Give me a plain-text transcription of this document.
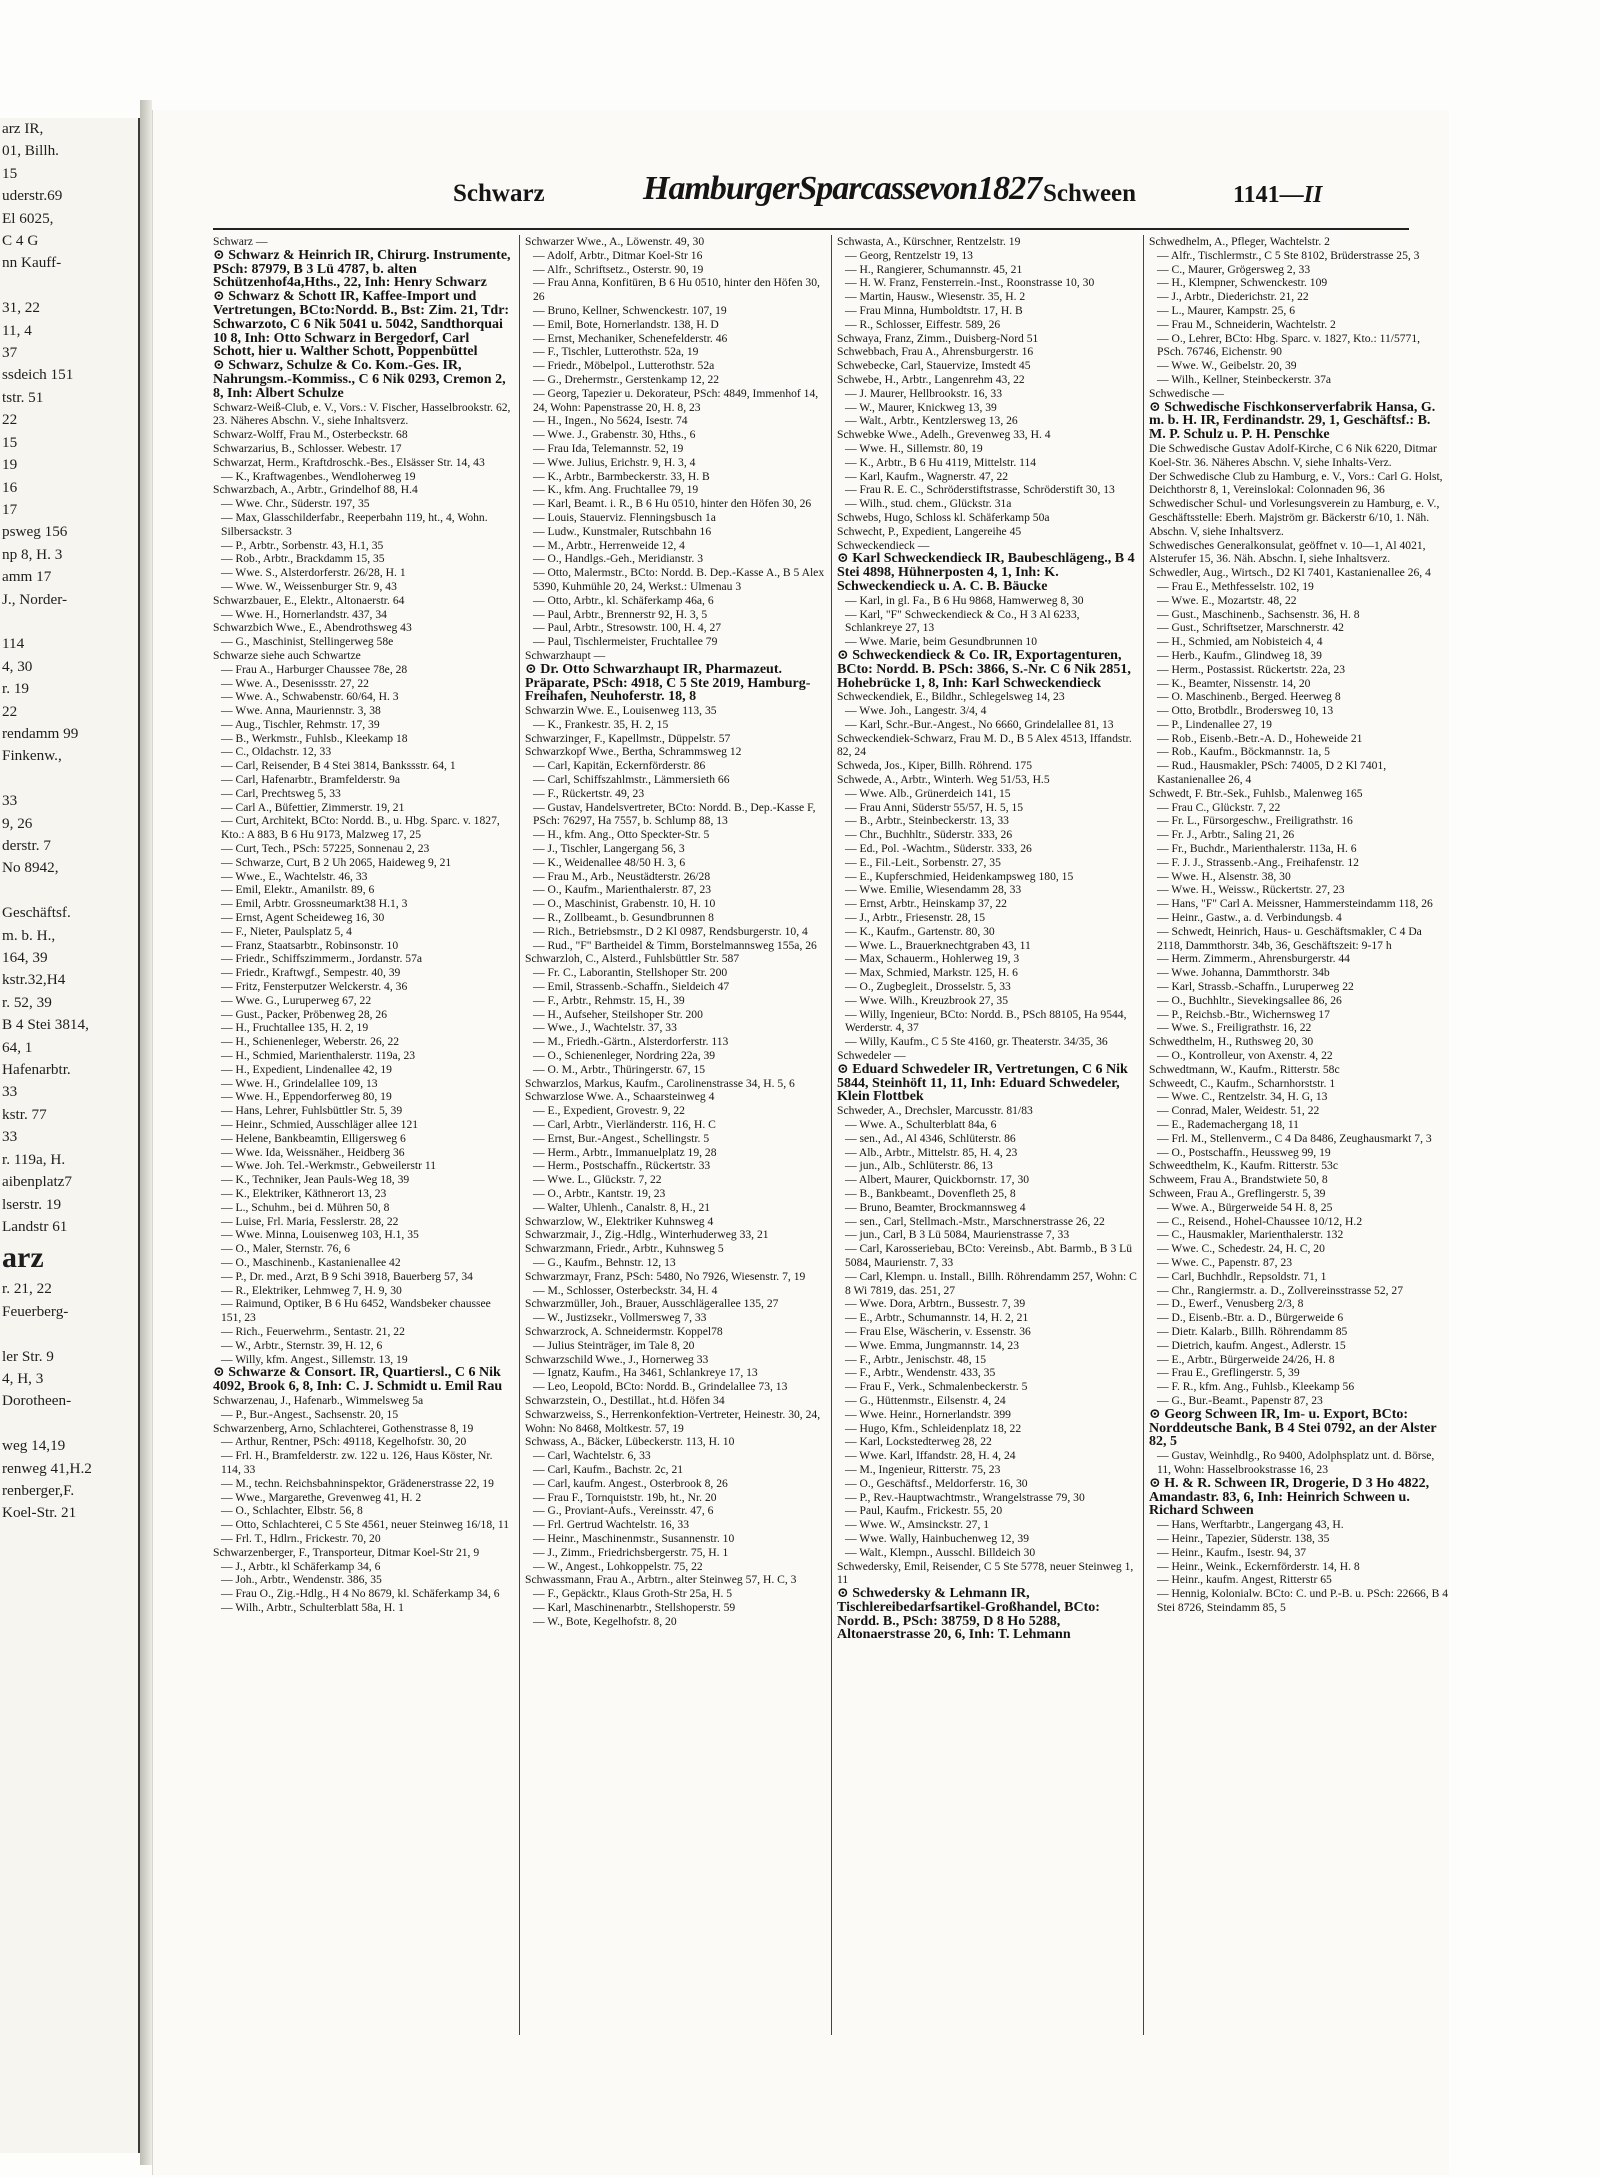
arz IR,
01, Billh.
15
uderstr.69
El 6025,
C 4 G
nn Kauff-

31, 22
11, 4
37
ssdeich 151
tstr. 51
22
15
19
16
17
psweg 156
np 8, H. 3
amm 17
J., Norder-

114
4, 30
r. 19
22
rendamm 99
Finkenw.,

33
9, 26
derstr. 7
No 8942,

Geschäftsf.
m. b. H.,
164, 39
kstr.32,H4
r. 52, 39
B 4 Stei 3814,
64, 1
Hafenarbtr.
33
kstr. 77
33
r. 119a, H.
aibenplatz7
lserstr. 19
Landstr 61
arz
r. 21, 22
Feuerberg-

ler Str. 9
4, H, 3
Dorotheen-

weg 14,19
renweg 41,H.2
renberger,F.
Koel-Str. 21
Schwarz	HamburgerSparcassevon1827 Schween	1141—II

Schwarz —

⊙ Schwarz & Heinrich IR, Chirurg. Instrumente, PSch: 87979, B 3 Lü 4787, b. alten Schützenhof4a,Hths., 22, Inh: Henry Schwarz

⊙ Schwarz & Schott IR, Kaffee-Import und Vertretungen, BCto:Nordd. B., Bst: Zim. 21, Tdr: Schwarzoto, C 6 Nik 5041 u. 5042, Sandthorquai 10 8, Inh: Otto Schwarz in Bergedorf, Carl Schott, hier u. Walther Schott, Poppenbüttel

⊙ Schwarz, Schulze & Co. Kom.-Ges. IR, Nahrungsm.-Kommiss., C 6 Nik 0293, Cremon 2, 8, Inh: Albert Schulze

Schwarz-Weiß-Club, e. V., Vors.: V. Fischer, Hasselbrookstr. 62, 23. Näheres Abschn. V., siehe Inhaltsverz.

Schwarz-Wolff, Frau M., Osterbeckstr. 68

Schwarzarius, B., Schlosser. Webestr. 17

Schwarzat, Herm., Kraftdroschk.-Bes., Elsässer Str. 14, 43

— K., Kraftwagenbes., Wendloherweg 19

Schwarzbach, A., Arbtr., Grindelhof 88, H.4

— Wwe. Chr., Süderstr. 197, 35

— Max, Glasschilderfabr., Reeperbahn 119, ht., 4, Wohn. Silbersackstr. 3

— P., Arbtr., Sorbenstr. 43, H.1, 35

— Rob., Arbtr., Brackdamm 15, 35

— Wwe. S., Alsterdorferstr. 26/28, H. 1

— Wwe. W., Weissenburger Str. 9, 43

Schwarzbauer, E., Elektr., Altonaerstr. 64

— Wwe. H., Hornerlandstr. 437, 34

Schwarzbich Wwe., E., Abendrothsweg 43

— G., Maschinist, Stellingerweg 58e

Schwarze siehe auch Schwartze

— Frau A., Harburger Chaussee 78e, 28

— Wwe. A., Desenissstr. 27, 22

— Wwe. A., Schwabenstr. 60/64, H. 3

— Wwe. Anna, Mauriennstr. 3, 38

— Aug., Tischler, Rehmstr. 17, 39

— B., Werkmstr., Fuhlsb., Kleekamp 18

— C., Oldachstr. 12, 33

— Carl, Reisender, B 4 Stei 3814, Bankssstr. 64, 1

— Carl, Hafenarbtr., Bramfelderstr. 9a

— Carl, Prechtsweg 5, 33

— Carl A., Büfettier, Zimmerstr. 19, 21

— Curt, Architekt, BCto: Nordd. B., u. Hbg. Sparc. v. 1827, Kto.: A 883, B 6 Hu 9173, Malzweg 17, 25

— Curt, Tech., PSch: 57225, Sonnenau 2, 23

— Schwarze, Curt, B 2 Uh 2065, Haideweg 9, 21

— Wwe., E., Wachtelstr. 46, 33

— Emil, Elektr., Amanilstr. 89, 6

— Emil, Arbtr. Grossneumarkt38 H.1, 3

— Ernst, Agent Scheideweg 16, 30

— F., Nieter, Paulsplatz 5, 4

— Franz, Staatsarbtr., Robinsonstr. 10

— Friedr., Schiffszimmerm., Jordanstr. 57a

— Friedr., Kraftwgf., Sempestr. 40, 39

— Fritz, Fensterputzer Welckerstr. 4, 36

— Wwe. G., Luruperweg 67, 22

— Gust., Packer, Pröbenweg 28, 26

— H., Fruchtallee 135, H. 2, 19

— H., Schienenleger, Weberstr. 26, 22

— H., Schmied, Marienthalerstr. 119a, 23

— H., Expedient, Lindenallee 42, 19

— Wwe. H., Grindelallee 109, 13

— Wwe. H., Eppendorferweg 80, 19

— Hans, Lehrer, Fuhlsbüttler Str. 5, 39

— Heinr., Schmied, Ausschläger allee 121

— Helene, Bankbeamtin, Elligersweg 6

— Wwe. Ida, Weissnäher., Heidberg 36

— Wwe. Joh. Tel.-Werkmstr., Gebweilerstr 11

— K., Techniker, Jean Pauls-Weg 18, 39

— K., Elektriker, Käthnerort 13, 23

— L., Schuhm., bei d. Mühren 50, 8

— Luise, Frl. Maria, Fesslerstr. 28, 22

— Wwe. Minna, Louisenweg 103, H.1, 35

— O., Maler, Sternstr. 76, 6

— O., Maschinenb., Kastanienallee 42

— P., Dr. med., Arzt, B 9 Schi 3918, Bauerberg 57, 34

— R., Elektriker, Lehmweg 7, H. 9, 30

— Raimund, Optiker, B 6 Hu 6452, Wandsbeker chaussee 151, 23

— Rich., Feuerwehrm., Sentastr. 21, 22

— W., Arbtr., Sternstr. 39, H. 12, 6

— Willy, kfm. Angest., Sillemstr. 13, 19

⊙ Schwarze & Consort. IR, Quartiersl., C 6 Nik 4092, Brook 6, 8, Inh: C. J. Schmidt u. Emil Rau

Schwarzenau, J., Hafenarb., Wimmelsweg 5a

— P., Bur.-Angest., Sachsenstr. 20, 15

Schwarzenberg, Arno, Schlachterei, Gothenstrasse 8, 19

— Arthur, Rentner, PSch: 49118, Kegelhofstr. 30, 20

— Frl. H., Bramfelderstr. zw. 122 u. 126, Haus Köster, Nr. 114, 33

— M., techn. Reichsbahninspektor, Grädenerstrasse 22, 19

— Wwe., Margarethe, Grevenweg 41, H. 2

— O., Schlachter, Elbstr. 56, 8

— Otto, Schlachterei, C 5 Ste 4561, neuer Steinweg 16/18, 11

— Frl. T., Hdlrn., Frickestr. 70, 20

Schwarzenberger, F., Transporteur, Ditmar Koel-Str 21, 9

— J., Arbtr., kl Schäferkamp 34, 6

— Joh., Arbtr., Wendenstr. 386, 35

— Frau O., Zig.-Hdlg., H 4 No 8679, kl. Schäferkamp 34, 6

— Wilh., Arbtr., Schulterblatt 58a, H. 1

Schwarzer Wwe., A., Löwenstr. 49, 30

— Adolf, Arbtr., Ditmar Koel-Str 16

— Alfr., Schriftsetz., Osterstr. 90, 19

— Frau Anna, Konfitüren, B 6 Hu 0510, hinter den Höfen 30, 26

— Bruno, Kellner, Schwenckestr. 107, 19

— Emil, Bote, Hornerlandstr. 138, H. D

— Ernst, Mechaniker, Schenefelderstr. 46

— F., Tischler, Lutterothstr. 52a, 19

— Friedr., Möbelpol., Lutterothstr. 52a

— G., Drehermstr., Gerstenkamp 12, 22

— Georg, Tapezier u. Dekorateur, PSch: 4849, Immenhof 14, 24, Wohn: Papenstrasse 20, H. 8, 23

— H., Ingen., No 5624, Isestr. 74

— Wwe. J., Grabenstr. 30, Hths., 6

— Frau Ida, Telemannstr. 52, 19

— Wwe. Julius, Erichstr. 9, H. 3, 4

— K., Arbtr., Barmbeckerstr. 33, H. B

— K., kfm. Ang. Fruchtallee 79, 19

— Karl, Beamt. i. R., B 6 Hu 0510, hinter den Höfen 30, 26

— Louis, Stauerviz. Flenningsbusch 1a

— Ludw., Kunstmaler, Rutschbahn 16

— M., Arbtr., Herrenweide 12, 4

— O., Handlgs.-Geh., Meridianstr. 3

— Otto, Malermstr., BCto: Nordd. B. Dep.-Kasse A., B 5 Alex 5390, Kuhmühle 20, 24, Werkst.: Ulmenau 3

— Otto, Arbtr., kl. Schäferkamp 46a, 6

— Paul, Arbtr., Brennerstr 92, H. 3, 5

— Paul, Arbtr., Stresowstr. 100, H. 4, 27

— Paul, Tischlermeister, Fruchtallee 79

Schwarzhaupt —

⊙ Dr. Otto Schwarzhaupt IR, Pharmazeut. Präparate, PSch: 4918, C 5 Ste 2019, Hamburg-Freihafen, Neuhoferstr. 18, 8

Schwarzin Wwe. E., Louisenweg 113, 35

— K., Frankestr. 35, H. 2, 15

Schwarzinger, F., Kapellmstr., Düppelstr. 57

Schwarzkopf Wwe., Bertha, Schrammsweg 12

— Carl, Kapitän, Eckernförderstr. 86

— Carl, Schiffszahlmstr., Lämmersieth 66

— F., Rückertstr. 49, 23

— Gustav, Handelsvertreter, BCto: Nordd. B., Dep.-Kasse F, PSch: 76297, Ha 7557, b. Schlump 88, 13

— H., kfm. Ang., Otto Speckter-Str. 5

— J., Tischler, Langergang 56, 3

— K., Weidenallee 48/50 H. 3, 6

— Frau M., Arb., Neustädterstr. 26/28

— O., Kaufm., Marienthalerstr. 87, 23

— O., Maschinist, Grabenstr. 10, H. 10

— R., Zollbeamt., b. Gesundbrunnen 8

— Rich., Betriebsmstr., D 2 Kl 0987, Rendsburgerstr. 10, 4

— Rud., "F" Bartheidel & Timm, Borstelmannsweg 155a, 26

Schwarzloh, C., Alsterd., Fuhlsbüttler Str. 587

— Fr. C., Laborantin, Stellshoper Str. 200

— Emil, Strassenb.-Schaffn., Sieldeich 47

— F., Arbtr., Rehmstr. 15, H., 39

— H., Aufseher, Steilshoper Str. 200

— Wwe., J., Wachtelstr. 37, 33

— M., Friedh.-Gärtn., Alsterdorferstr. 113

— O., Schienenleger, Nordring 22a, 39

— O. M., Arbtr., Thüringerstr. 67, 15

Schwarzlos, Markus, Kaufm., Carolinenstrasse 34, H. 5, 6

Schwarzlose Wwe. A., Schaarsteinweg 4

— E., Expedient, Grovestr. 9, 22

— Carl, Arbtr., Vierländerstr. 116, H. C

— Ernst, Bur.-Angest., Schellingstr. 5

— Herm., Arbtr., Immanuelplatz 19, 28

— Herm., Postschaffn., Rückertstr. 33

— Wwe. L., Glückstr. 7, 22

— O., Arbtr., Kantstr. 19, 23

— Walter, Uhlenh., Canalstr. 8, H., 21

Schwarzlow, W., Elektriker Kuhnsweg 4

Schwarzmair, J., Zig.-Hdlg., Winterhuderweg 33, 21

Schwarzmann, Friedr., Arbtr., Kuhnsweg 5

— G., Kaufm., Behnstr. 12, 13

Schwarzmayr, Franz, PSch: 5480, No 7926, Wiesenstr. 7, 19

— M., Schlosser, Osterbeckstr. 34, H. 4

Schwarzmüller, Joh., Brauer, Ausschlägerallee 135, 27

— W., Justizsekr., Vollmersweg 7, 33

Schwarzrock, A. Schneidermstr. Koppel78

— Julius Steinträger, im Tale 8, 20

Schwarzschild Wwe., J., Hornerweg 33

— Ignatz, Kaufm., Ha 3461, Schlankreye 17, 13

— Leo, Leopold, BCto: Nordd. B., Grindelallee 73, 13

Schwarzstein, O., Destillat., ht.d. Höfen 34

Schwarzweiss, S., Herrenkonfektion-Vertreter, Heinestr. 30, 24, Wohn: No 8468, Moltkestr. 57, 19

Schwass, A., Bäcker, Lübeckerstr. 113, H. 10

— Carl, Wachtelstr. 6, 33

— Carl, Kaufm., Bachstr. 2c, 21

— Carl, kaufm. Angest., Osterbrook 8, 26

— Frau F., Tornquiststr. 19b, ht., Nr. 20

— G., Proviant-Aufs., Vereinsstr. 47, 6

— Frl. Gertrud Wachtelstr. 16, 33

— Heinr., Maschinenmstr., Susannenstr. 10

— J., Zimm., Friedrichsbergerstr. 75, H. 1

— W., Angest., Lohkoppelstr. 75, 22

Schwassmann, Frau A., Arbtrn., alter Steinweg 57, H. C, 3

— F., Gepäcktr., Klaus Groth-Str 25a, H. 5

— Karl, Maschinenarbtr., Stellshoperstr. 59

— W., Bote, Kegelhofstr. 8, 20

Schwasta, A., Kürschner, Rentzelstr. 19

— Georg, Rentzelstr 19, 13

— H., Rangierer, Schumannstr. 45, 21

— H. W. Franz, Fensterrein.-Inst., Roonstrasse 10, 30

— Martin, Hausw., Wiesenstr. 35, H. 2

— Frau Minna, Humboldtstr. 17, H. B

— R., Schlosser, Eiffestr. 589, 26

Schwaya, Franz, Zimm., Duisberg-Nord 51

Schwebbach, Frau A., Ahrensburgerstr. 16

Schwebecke, Carl, Stauervize, Imstedt 45

Schwebe, H., Arbtr., Langenrehm 43, 22

— J. Maurer, Hellbrookstr. 16, 33

— W., Maurer, Knickweg 13, 39

— Walt., Arbtr., Kentzlersweg 13, 26

Schwebke Wwe., Adelh., Grevenweg 33, H. 4

— Wwe. H., Sillemstr. 80, 19

— K., Arbtr., B 6 Hu 4119, Mittelstr. 114

— Karl, Kaufm., Wagnerstr. 47, 22

— Frau R. E. C., Schröderstiftstrasse, Schröderstift 30, 13

— Wilh., stud. chem., Glückstr. 31a

Schwebs, Hugo, Schloss kl. Schäferkamp 50a

Schwecht, P., Expedient, Langereihe 45

Schweckendieck —

⊙ Karl Schweckendieck IR, Baubeschlägeng., B 4 Stei 4898, Hühnerposten 4, 1, Inh: K. Schweckendieck u. A. C. B. Bäucke

— Karl, in gl. Fa., B 6 Hu 9868, Hamwerweg 8, 30

— Karl, "F" Schweckendieck & Co., H 3 Al 6233, Schlankreye 27, 13

— Wwe. Marie, beim Gesundbrunnen 10

⊙ Schweckendieck & Co. IR, Exportagenturen, BCto: Nordd. B. PSch: 3866, S.-Nr. C 6 Nik 2851, Hohebrücke 1, 8, Inh: Karl Schweckendieck

Schweckendiek, E., Bildhr., Schlegelsweg 14, 23

— Wwe. Joh., Langestr. 3/4, 4

— Karl, Schr.-Bur.-Angest., No 6660, Grindelallee 81, 13

Schweckendiek-Schwarz, Frau M. D., B 5 Alex 4513, Iffandstr. 82, 24

Schweda, Jos., Kiper, Billh. Röhrend. 175

Schwede, A., Arbtr., Winterh. Weg 51/53, H.5

— Wwe. Alb., Grünerdeich 141, 15

— Frau Anni, Süderstr 55/57, H. 5, 15

— B., Arbtr., Steinbeckerstr. 13, 33

— Chr., Buchhltr., Süderstr. 333, 26

— Ed., Pol. -Wachtm., Süderstr. 333, 26

— E., Fil.-Leit., Sorbenstr. 27, 35

— E., Kupferschmied, Heidenkampsweg 180, 15

— Wwe. Emilie, Wiesendamm 28, 33

— Ernst, Arbtr., Heinskamp 37, 22

— J., Arbtr., Friesenstr. 28, 15

— K., Kaufm., Gartenstr. 80, 30

— Wwe. L., Brauerknechtgraben 43, 11

— Max, Schauerm., Hohlerweg 19, 3

— Max, Schmied, Markstr. 125, H. 6

— O., Zugbegleit., Drosselstr. 5, 33

— Wwe. Wilh., Kreuzbrook 27, 35

— Willy, Ingenieur, BCto: Nordd. B., PSch 88105, Ha 9544, Werderstr. 4, 37

— Willy, Kaufm., C 5 Ste 4160, gr. Theaterstr. 34/35, 36

Schwedeler —

⊙ Eduard Schwedeler IR, Vertretungen, C 6 Nik 5844, Steinhöft 11, 11, Inh: Eduard Schwedeler, Klein Flottbek

Schweder, A., Drechsler, Marcusstr. 81/83

— Wwe. A., Schulterblatt 84a, 6

— sen., Ad., Al 4346, Schlüterstr. 86

— Alb., Arbtr., Mittelstr. 85, H. 4, 23

— jun., Alb., Schlüterstr. 86, 13

— Albert, Maurer, Quickbornstr. 17, 30

— B., Bankbeamt., Dovenfleth 25, 8

— Bruno, Beamter, Brockmannsweg 4

— sen., Carl, Stellmach.-Mstr., Marschnerstrasse 26, 22

— jun., Carl, B 3 Lü 5084, Maurienstrasse 7, 33

— Carl, Karosseriebau, BCto: Vereinsb., Abt. Barmb., B 3 Lü 5084, Maurienstr. 7, 33

— Carl, Klempn. u. Install., Billh. Röhrendamm 257, Wohn: C 8 Wi 7819, das. 251, 27

— Wwe. Dora, Arbtrn., Bussestr. 7, 39

— E., Arbtr., Schumannstr. 14, H. 2, 21

— Frau Else, Wäscherin, v. Essenstr. 36

— Wwe. Emma, Jungmannstr. 14, 23

— F., Arbtr., Jenischstr. 48, 15

— F., Arbtr., Wendenstr. 433, 35

— Frau F., Verk., Schmalenbeckerstr. 5

— G., Hüttenmstr., Eilsenstr. 4, 24

— Wwe. Heinr., Hornerlandstr. 399

— Hugo, Kfm., Schleidenplatz 18, 22

— Karl, Lockstedterweg 28, 22

— Wwe. Karl, Iffandstr. 28, H. 4, 24

— M., Ingenieur, Ritterstr. 75, 23

— O., Geschäftsf., Meldorferstr. 16, 30

— P., Rev.-Hauptwachtmstr., Wrangelstrasse 79, 30

— Paul, Kaufm., Frickestr. 55, 20

— Wwe. W., Amsinckstr. 27, 1

— Wwe. Wally, Hainbuchenweg 12, 39

— Walt., Klempn., Ausschl. Billdeich 30

Schwedersky, Emil, Reisender, C 5 Ste 5778, neuer Steinweg 1, 11

⊙ Schwedersky & Lehmann IR, Tischlereibedarfsartikel-Großhandel, BCto: Nordd. B., PSch: 38759, D 8 Ho 5288, Altonaerstrasse 20, 6, Inh: T. Lehmann

Schwedhelm, A., Pfleger, Wachtelstr. 2

— Alfr., Tischlermstr., C 5 Ste 8102, Brüderstrasse 25, 3

— C., Maurer, Grögersweg 2, 33

— H., Klempner, Schwenckestr. 109

— J., Arbtr., Diederichstr. 21, 22

— L., Maurer, Kampstr. 25, 6

— Frau M., Schneiderin, Wachtelstr. 2

— O., Lehrer, BCto: Hbg. Sparc. v. 1827, Kto.: 11/5771, PSch. 76746, Eichenstr. 90

— Wwe. W., Geibelstr. 20, 39

— Wilh., Kellner, Steinbeckerstr. 37a

Schwedische —

⊙ Schwedische Fischkonserverfabrik Hansa, G. m. b. H. IR, Ferdinandstr. 29, 1, Geschäftsf.: B. M. P. Schulz u. P. H. Penschke

Die Schwedische Gustav Adolf-Kirche, C 6 Nik 6220, Ditmar Koel-Str. 36. Näheres Abschn. V, siehe Inhalts-Verz.

Der Schwedische Club zu Hamburg, e. V., Vors.: Carl G. Holst, Deichthorstr 8, 1, Vereinslokal: Colonnaden 96, 36

Schwedischer Schul- und Vorlesungsverein zu Hamburg, e. V., Geschäftsstelle: Eberh. Majström gr. Bäckerstr 6/10, 1. Näh. Abschn. V, siehe Inhaltsverz.

Schwedisches Generalkonsulat, geöffnet v. 10—1, Al 4021, Alsterufer 15, 36. Näh. Abschn. I, siehe Inhaltsverz.

Schwedler, Aug., Wirtsch., D2 Kl 7401, Kastanienallee 26, 4

— Frau E., Methfesselstr. 102, 19

— Wwe. E., Mozartstr. 48, 22

— Gust., Maschinenb., Sachsenstr. 36, H. 8

— Gust., Schriftsetzer, Marschnerstr. 42

— H., Schmied, am Nobisteich 4, 4

— Herb., Kaufm., Glindweg 18, 39

— Herm., Postassist. Rückertstr. 22a, 23

— K., Beamter, Nissenstr. 14, 20

— O. Maschinenb., Berged. Heerweg 8

— Otto, Brotbdlr., Brodersweg 10, 13

— P., Lindenallee 27, 19

— Rob., Eisenb.-Betr.-A. D., Hoheweide 21

— Rob., Kaufm., Böckmannstr. 1a, 5

— Rud., Hausmakler, PSch: 74005, D 2 Kl 7401, Kastanienallee 26, 4

Schwedt, F. Btr.-Sek., Fuhlsb., Malenweg 165

— Frau C., Glückstr. 7, 22

— Fr. L., Fürsorgeschw., Freiligrathstr. 16

— Fr. J., Arbtr., Saling 21, 26

— Fr., Buchdr., Marienthalerstr. 113a, H. 6

— F. J. J., Strassenb.-Ang., Freihafenstr. 12

— Wwe. H., Alsenstr. 38, 30

— Wwe. H., Weissw., Rückertstr. 27, 23

— Hans, "F" Carl A. Meissner, Hammersteindamm 118, 26

— Heinr., Gastw., a. d. Verbindungsb. 4

— Schwedt, Heinrich, Haus- u. Geschäftsmakler, C 4 Da 2118, Dammthorstr. 34b, 36, Geschäftszeit: 9-17 h

— Herm. Zimmerm., Ahrensburgerstr. 44

— Wwe. Johanna, Dammthorstr. 34b

— Karl, Strassb.-Schaffn., Luruperweg 22

— O., Buchhltr., Sievekingsallee 86, 26

— P., Reichsb.-Btr., Wichernsweg 17

— Wwe. S., Freiligrathstr. 16, 22

Schwedthelm, H., Ruthsweg 20, 30

— O., Kontrolleur, von Axenstr. 4, 22

Schwedtmann, W., Kaufm., Ritterstr. 58c

Schweedt, C., Kaufm., Scharnhorststr. 1

— Wwe. C., Rentzelstr. 34, H. G, 13

— Conrad, Maler, Weidestr. 51, 22

— E., Rademachergang 18, 11

— Frl. M., Stellenverm., C 4 Da 8486, Zeughausmarkt 7, 3

— O., Postschaffn., Heussweg 99, 19

Schweedthelm, K., Kaufm. Ritterstr. 53c

Schweem, Frau A., Brandstwiete 50, 8

Schween, Frau A., Greflingerstr. 5, 39

— Wwe. A., Bürgerweide 54 H. 8, 25

— C., Reisend., Hohel-Chaussee 10/12, H.2

— C., Hausmakler, Marienthalerstr. 132

— Wwe. C., Schedestr. 24, H. C, 20

— Wwe. C., Papenstr. 87, 23

— Carl, Buchhdlr., Repsoldstr. 71, 1

— Chr., Rangiermstr. a. D., Zollvereinsstrasse 52, 27

— D., Ewerf., Venusberg 2/3, 8

— D., Eisenb.-Btr. a. D., Bürgerweide 6

— Dietr. Kalarb., Billh. Röhrendamm 85

— Dietrich, kaufm. Angest., Adlerstr. 15

— E., Arbtr., Bürgerweide 24/26, H. 8

— Frau E., Greflingerstr. 5, 39

— F. R., kfm. Ang., Fuhlsb., Kleekamp 56

— G., Bur.-Beamt., Papenstr 87, 23

⊙ Georg Schween IR, Im- u. Export, BCto: Norddeutsche Bank, B 4 Stei 0792, an der Alster 82, 5

— Gustav, Weinhdlg., Ro 9400, Adolphsplatz unt. d. Börse, 11, Wohn: Hasselbrookstrasse 16, 23

⊙ H. & R. Schween IR, Drogerie, D 3 Ho 4822, Amandastr. 83, 6, Inh: Heinrich Schween u. Richard Schween

— Hans, Werftarbtr., Langergang 43, H.

— Heinr., Tapezier, Süderstr. 138, 35

— Heinr., Kaufm., Isestr. 94, 37

— Heinr., Weink., Eckernförderstr. 14, H. 8

— Heinr., kaufm. Angest, Ritterstr 65

— Hennig, Kolonialw. BCto: C. und P.-B. u. PSch: 22666, B 4 Stei 8726, Steindamm 85, 5
